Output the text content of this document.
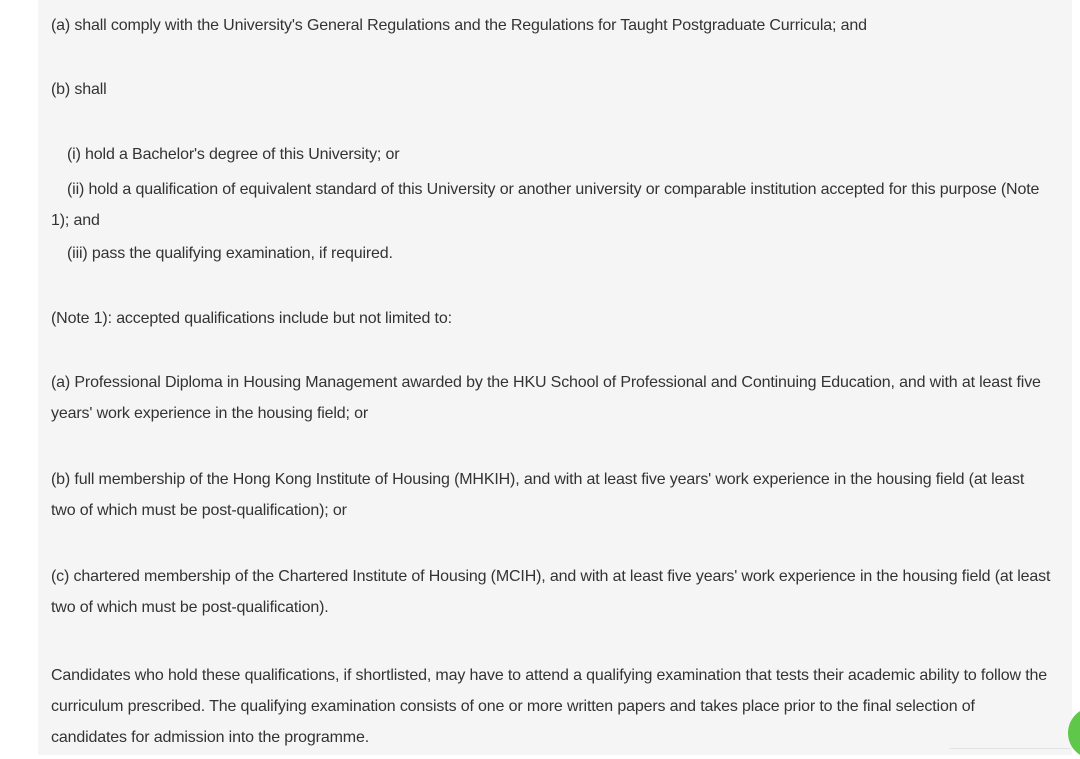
(a) shall comply with the University's General Regulations and the Regulations for Taught Postgraduate Curricula; and

(b) shall

(i) hold a Bachelor's degree of this University; or

(ii) hold a qualification of equivalent standard of this University or another university or comparable institution accepted for this purpose (Note 1); and

(iii) pass the qualifying examination, if required.

(Note 1): accepted qualifications include but not limited to:

(a) Professional Diploma in Housing Management awarded by the HKU School of Professional and Continuing Education, and with at least five years' work experience in the housing field; or

(b) full membership of the Hong Kong Institute of Housing (MHKIH), and with at least five years' work experience in the housing field (at least two of which must be post-qualification); or

(c) chartered membership of the Chartered Institute of Housing (MCIH), and with at least five years' work experience in the housing field (at least two of which must be post-qualification).

Candidates who hold these qualifications, if shortlisted, may have to attend a qualifying examination that tests their academic ability to follow the curriculum prescribed. The qualifying examination consists of one or more written papers and takes place prior to the final selection of candidates for admission into the programme.
